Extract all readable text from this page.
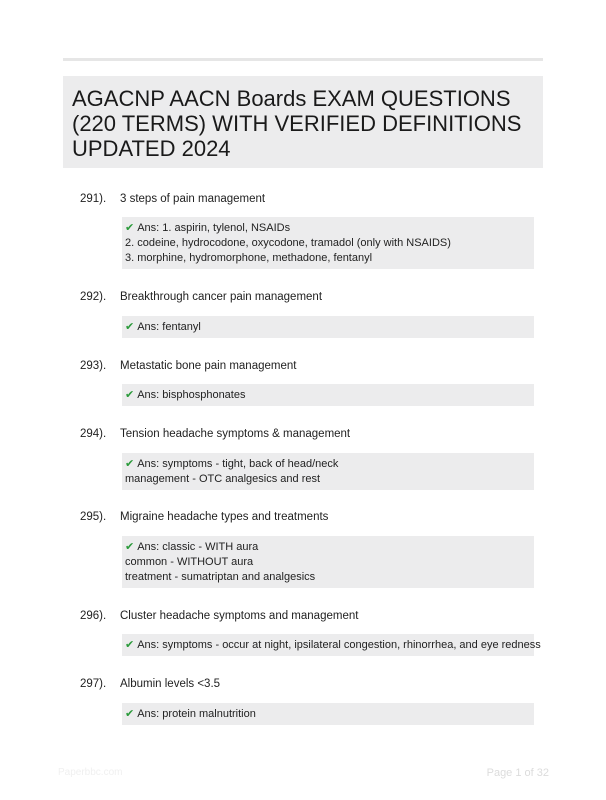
AGACNP AACN Boards EXAM QUESTIONS (220 TERMS) WITH VERIFIED DEFINITIONS UPDATED 2024
291). 3 steps of pain management
✔ Ans: 1. aspirin, tylenol, NSAIDs
2. codeine, hydrocodone, oxycodone, tramadol (only with NSAIDS)
3. morphine, hydromorphone, methadone, fentanyl
292). Breakthrough cancer pain management
✔ Ans: fentanyl
293). Metastatic bone pain management
✔ Ans: bisphosphonates
294). Tension headache symptoms & management
✔ Ans: symptoms - tight, back of head/neck
management - OTC analgesics and rest
295). Migraine headache types and treatments
✔ Ans: classic - WITH aura
common - WITHOUT aura
treatment - sumatriptan and analgesics
296). Cluster headache symptoms and management
✔ Ans: symptoms - occur at night, ipsilateral congestion, rhinorrhea, and eye redness
297). Albumin levels <3.5
✔ Ans: protein malnutrition
Paperbbc.com	Page 1 of 32
